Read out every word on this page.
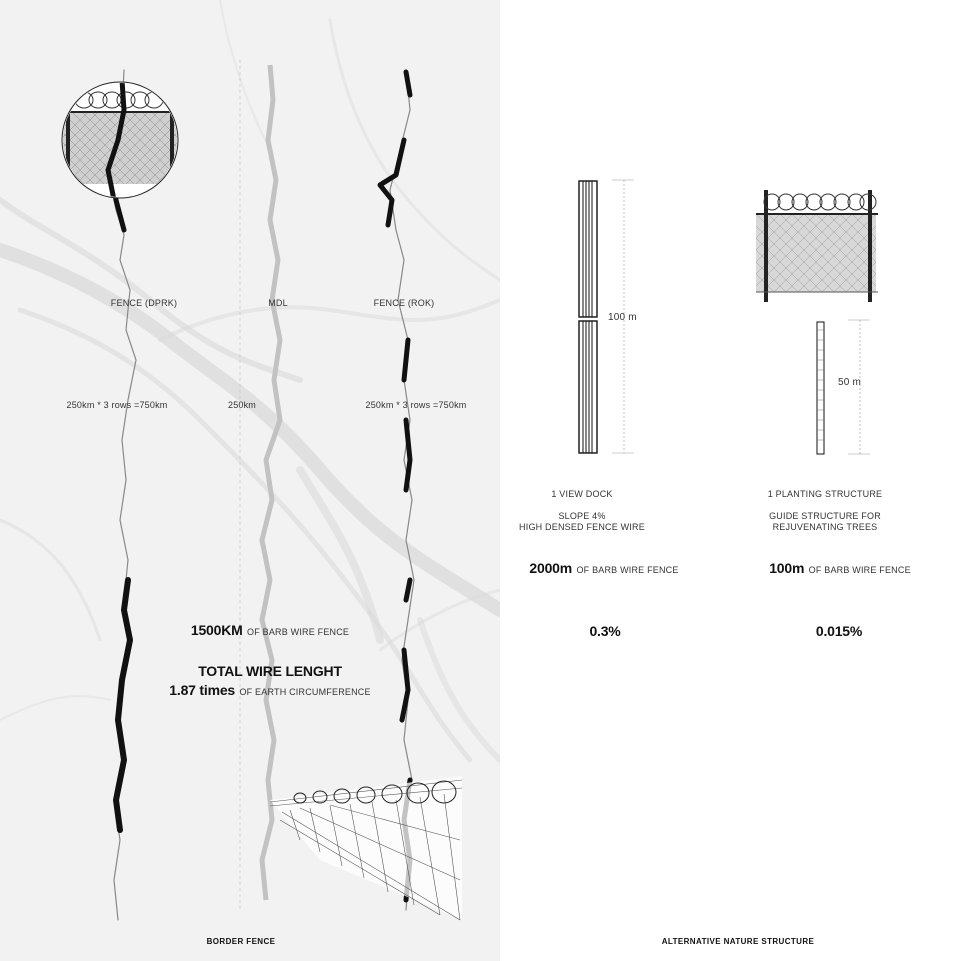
FENCE (DPRK)	MDL	FENCE (ROK)
250km * 3 rows =750km	250km	250km * 3 rows =750km
1500KM OF BARB WIRE FENCE
TOTAL WIRE LENGHT
1.87 times OF EARTH CIRCUMFERENCE
BORDER FENCE
100 m
50 m
1 VIEW DOCK
SLOPE 4%
HIGH DENSED FENCE WIRE
1 PLANTING STRUCTURE
GUIDE STRUCTURE FOR
REJUVENATING TREES
2000m OF BARB WIRE FENCE	100m OF BARB WIRE FENCE
0.3%	0.015%
ALTERNATIVE NATURE STRUCTURE
